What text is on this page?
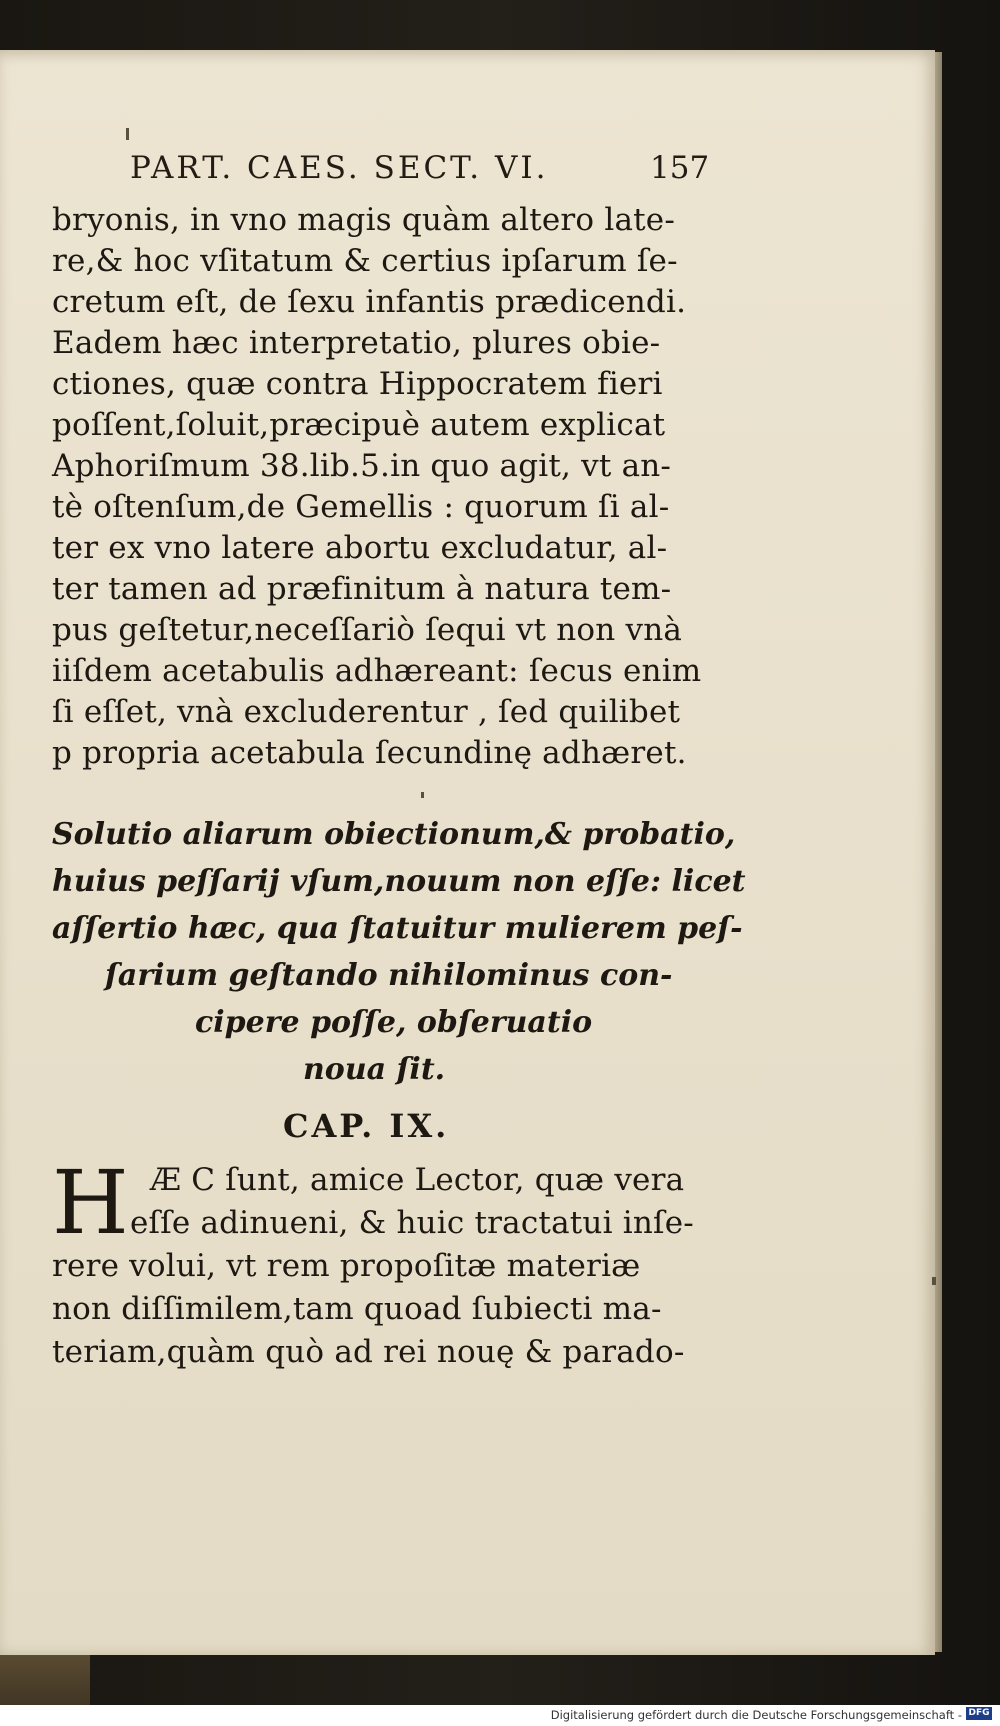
PART. CAES. SECT. VI.	157
bryonis, in vno magis quàm altero late-
re,& hoc vſitatum & certius ipſarum ſe-
cretum eſt, de ſexu infantis prædicendi.
Eadem hæc interpretatio, plures obie-
ctiones, quæ contra Hippocratem fieri
poſſent,ſoluit,præcipuè autem explicat
Aphoriſmum 38.lib.5.in quo agit, vt an-
tè oſtenſum,de Gemellis : quorum ſi al-
ter ex vno latere abortu excludatur, al-
ter tamen ad præfinitum à natura tem-
pus geſtetur,neceſſariò ſequi vt non vnà
iiſdem acetabulis adhæreant: ſecus enim
ſi eſſet, vnà excluderentur , ſed quilibet
p propria acetabula ſecundinę adhæret.
Solutio aliarum obiectionum,& probatio,
huius peſſarij vſum,nouum non eſſe: licet
aſſertio hæc, qua ſtatuitur mulierem peſ-
ſarium geſtando nihilominus con-
cipere poſſe, obſeruatio
noua ſit.
CAP. IX.
H Æ C ſunt, amice Lector, quæ vera
eſſe adinueni, & huic tractatui inſe-
rere volui, vt rem propoſitæ materiæ
non diſſimilem,tam quoad ſubiecti ma-
teriam,quàm quò ad rei nouę & parado-
Digitalisierung gefördert durch die Deutsche Forschungsgemeinschaft - DFG
